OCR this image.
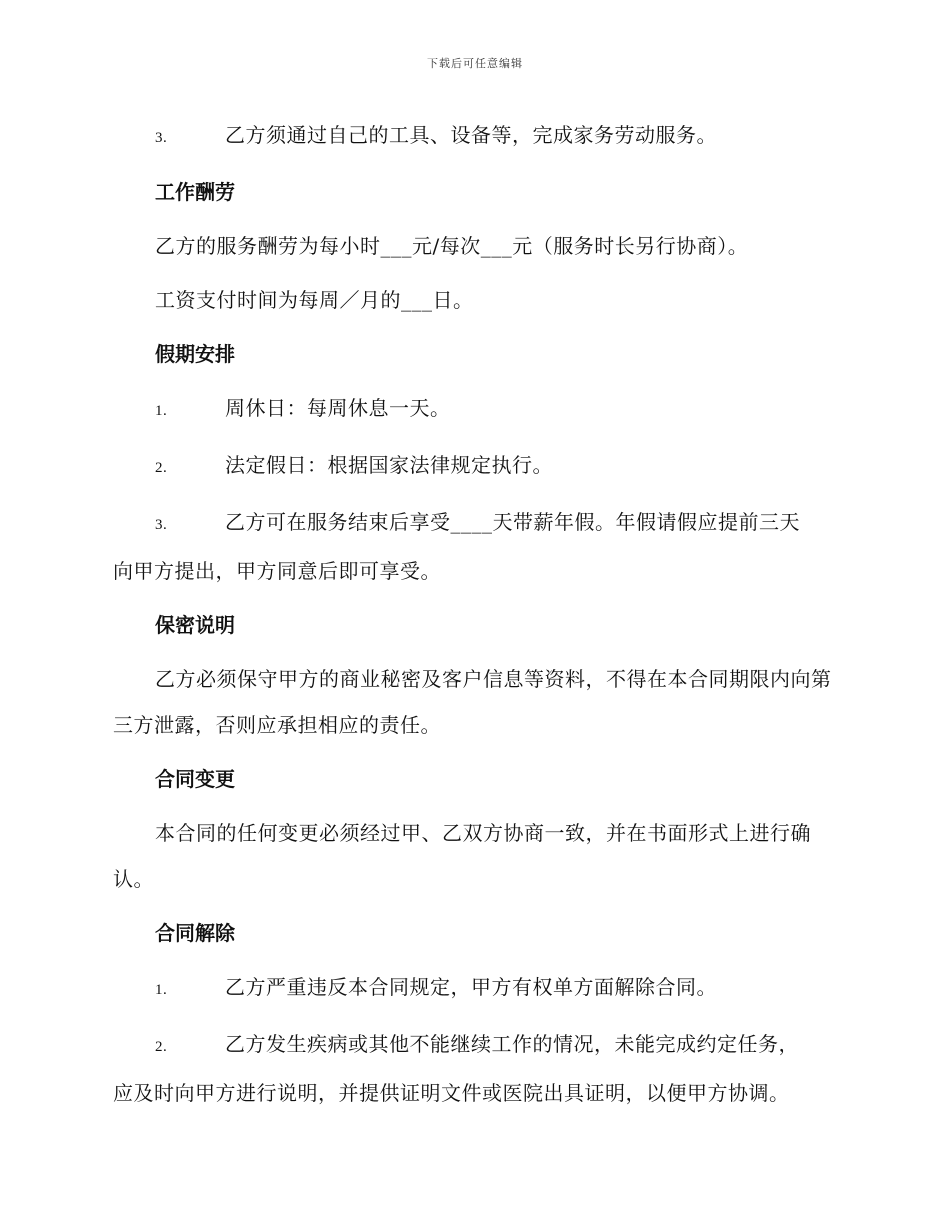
下载后可任意编辑
3.	乙方须通过自己的工具、设备等，完成家务劳动服务。
工作酬劳
乙方的服务酬劳为每小时___元/每次___元（服务时长另行协商）。
工资支付时间为每周／月的___日。
假期安排
1.	周休日：每周休息一天。
2.	法定假日：根据国家法律规定执行。
3.	乙方可在服务结束后享受____天带薪年假。年假请假应提前三天
向甲方提出，甲方同意后即可享受。
保密说明
乙方必须保守甲方的商业秘密及客户信息等资料，不得在本合同期限内向第三方泄露，否则应承担相应的责任。
合同变更
本合同的任何变更必须经过甲、乙双方协商一致，并在书面形式上进行确认。
合同解除
1.	乙方严重违反本合同规定，甲方有权单方面解除合同。
2.	乙方发生疾病或其他不能继续工作的情况，未能完成约定任务，
应及时向甲方进行说明，并提供证明文件或医院出具证明，以便甲方协调。
